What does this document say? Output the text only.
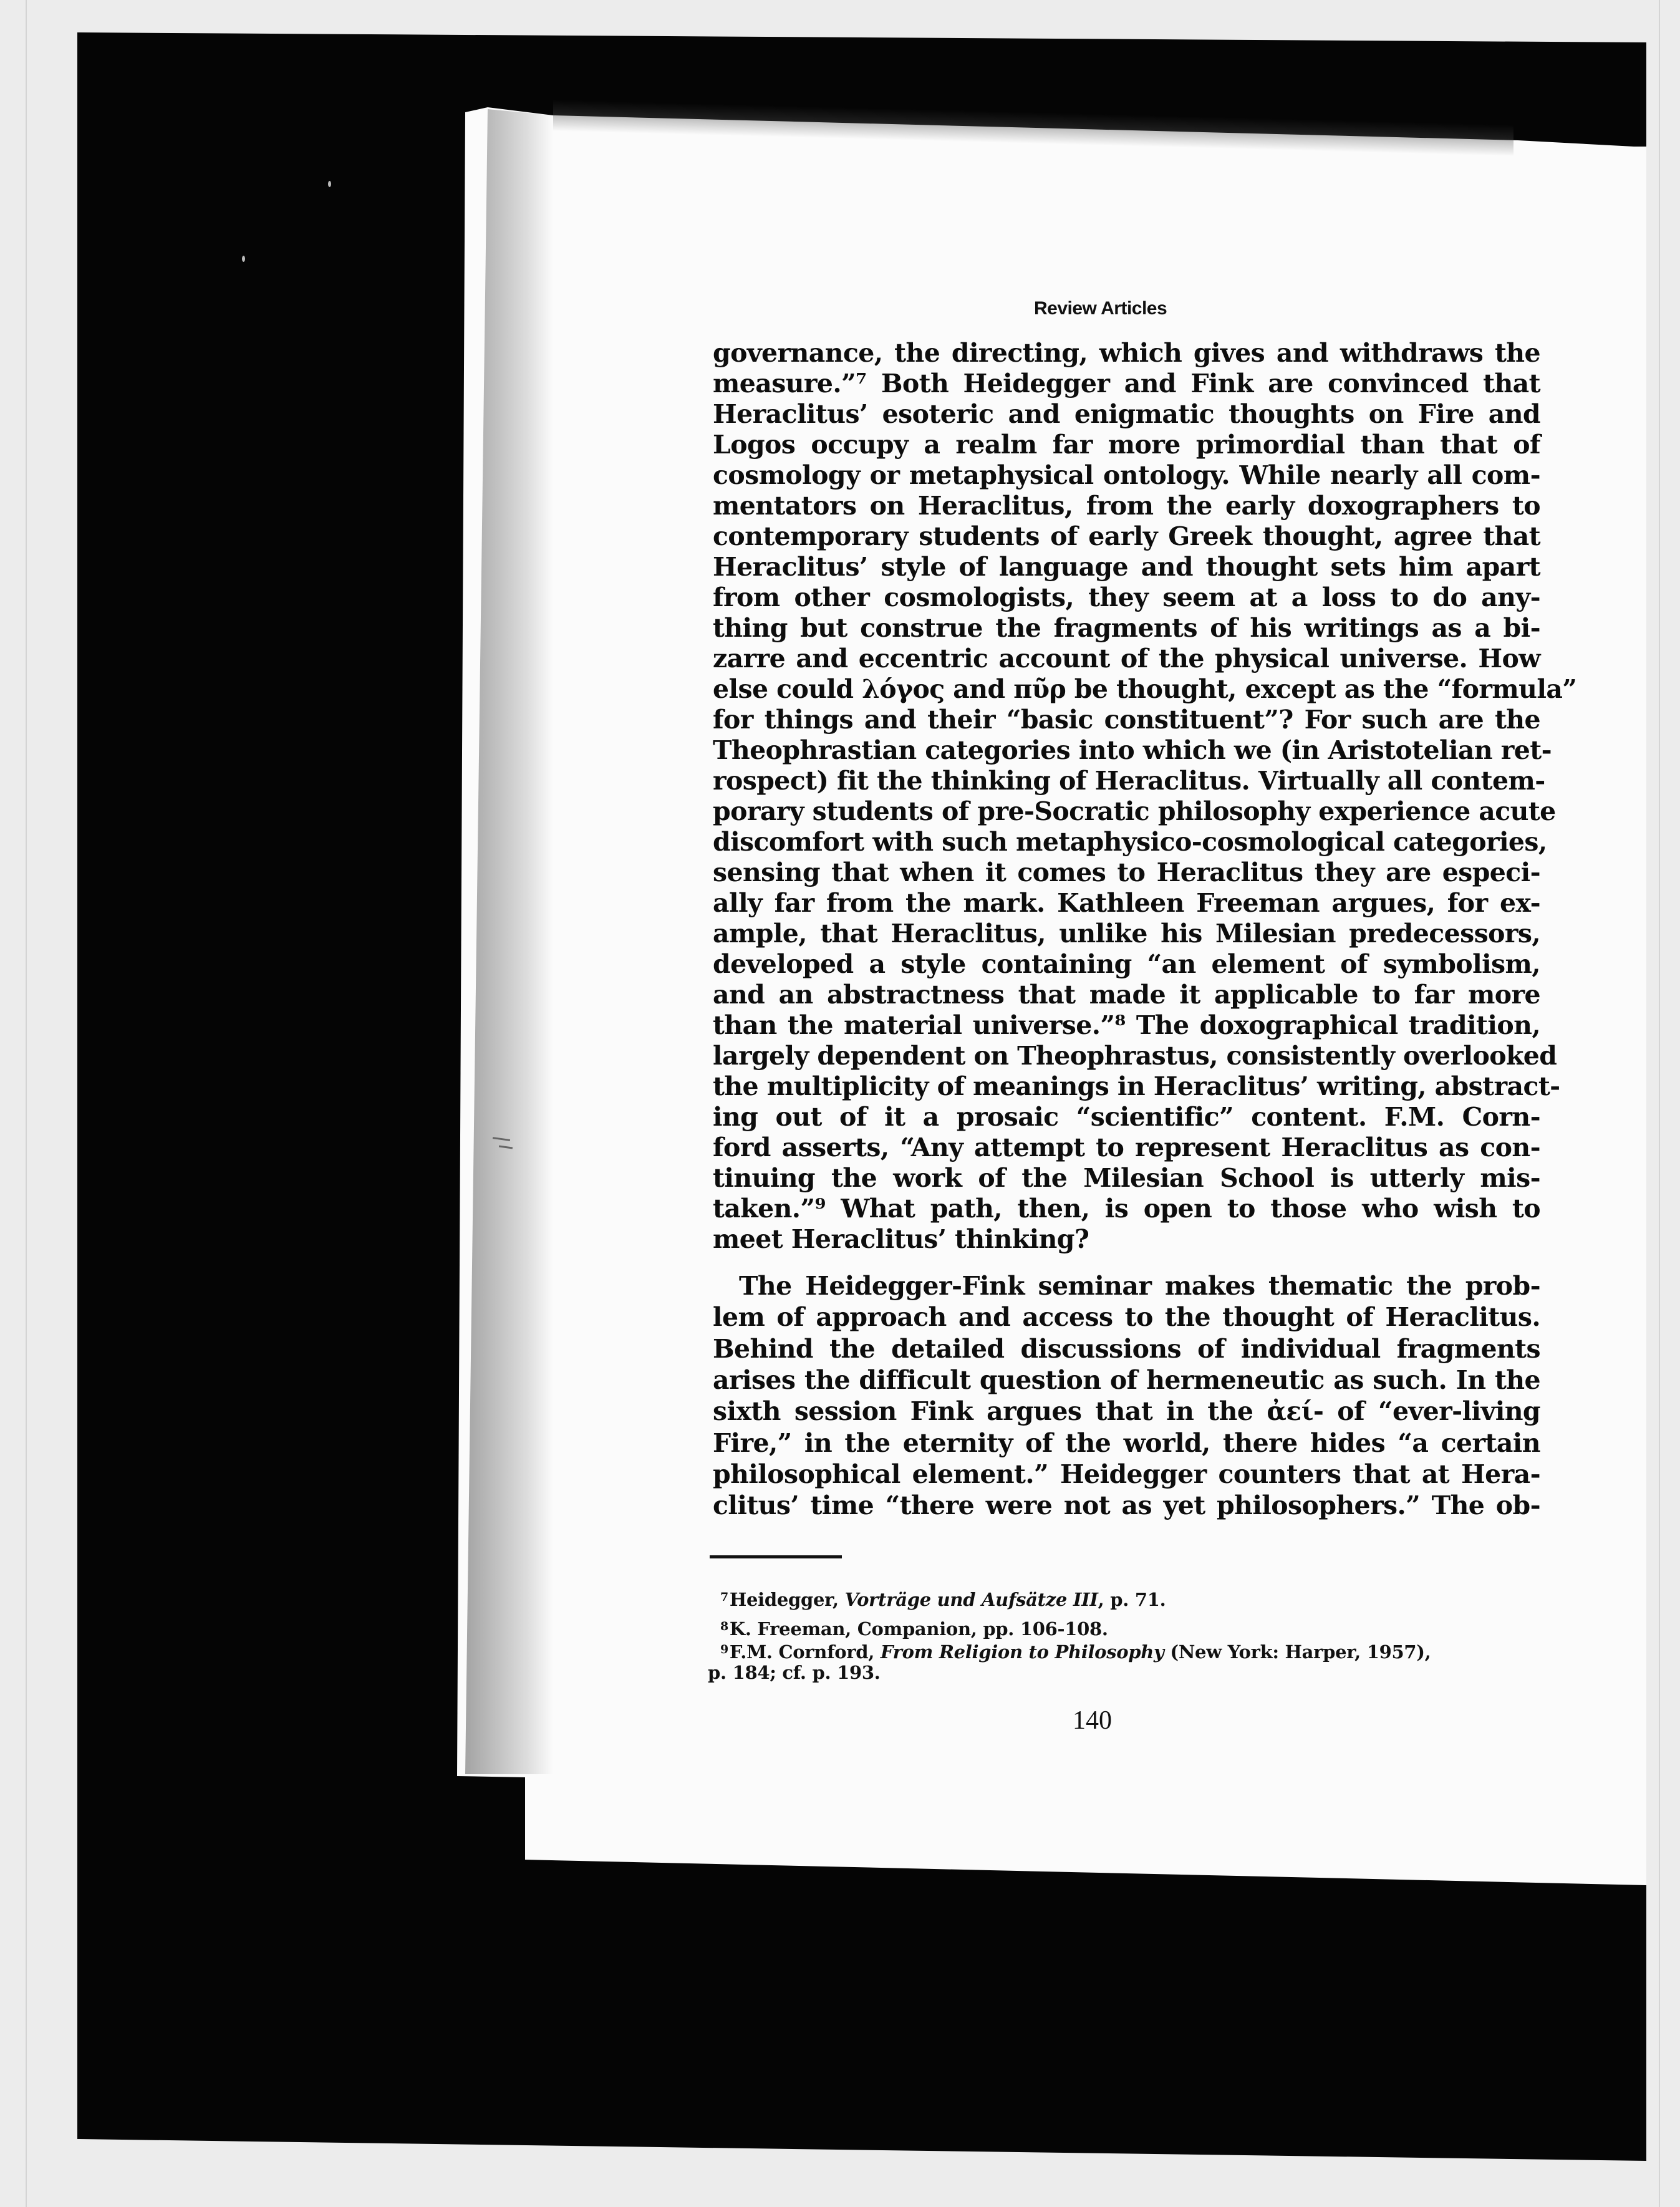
Review Articles
governance, the directing, which gives and withdraws the
measure.”⁷ Both Heidegger and Fink are convinced that
Heraclitus’ esoteric and enigmatic thoughts on Fire and
Logos occupy a realm far more primordial than that of
cosmology or metaphysical ontology. While nearly all com-
mentators on Heraclitus, from the early doxographers to
contemporary students of early Greek thought, agree that
Heraclitus’ style of language and thought sets him apart
from other cosmologists, they seem at a loss to do any-
thing but construe the fragments of his writings as a bi-
zarre and eccentric account of the physical universe. How
else could λόγος and πῦρ be thought, except as the “formula”
for things and their “basic constituent”? For such are the
Theophrastian categories into which we (in Aristotelian ret-
rospect) fit the thinking of Heraclitus. Virtually all contem-
porary students of pre-Socratic philosophy experience acute
discomfort with such metaphysico-cosmological categories,
sensing that when it comes to Heraclitus they are especi-
ally far from the mark. Kathleen Freeman argues, for ex-
ample, that Heraclitus, unlike his Milesian predecessors,
developed a style containing “an element of symbolism,
and an abstractness that made it applicable to far more
than the material universe.”⁸ The doxographical tradition,
largely dependent on Theophrastus, consistently overlooked
the multiplicity of meanings in Heraclitus’ writing, abstract-
ing out of it a prosaic “scientific” content. F.M. Corn-
ford asserts, “Any attempt to represent Heraclitus as con-
tinuing the work of the Milesian School is utterly mis-
taken.”⁹ What path, then, is open to those who wish to
meet Heraclitus’ thinking?
The Heidegger-Fink seminar makes thematic the prob-
lem of approach and access to the thought of Heraclitus.
Behind the detailed discussions of individual fragments
arises the difficult question of hermeneutic as such. In the
sixth session Fink argues that in the ἀεί- of “ever-living
Fire,” in the eternity of the world, there hides “a certain
philosophical element.” Heidegger counters that at Hera-
clitus’ time “there were not as yet philosophers.” The ob-
$^7$Heidegger, Vorträge und Aufsätze III, p. 71.
$^8$K. Freeman, Companion, pp. 106-108.
$^9$F.M. Cornford, From Religion to Philosophy (New York: Harper, 1957),
p. 184; cf. p. 193.
140
